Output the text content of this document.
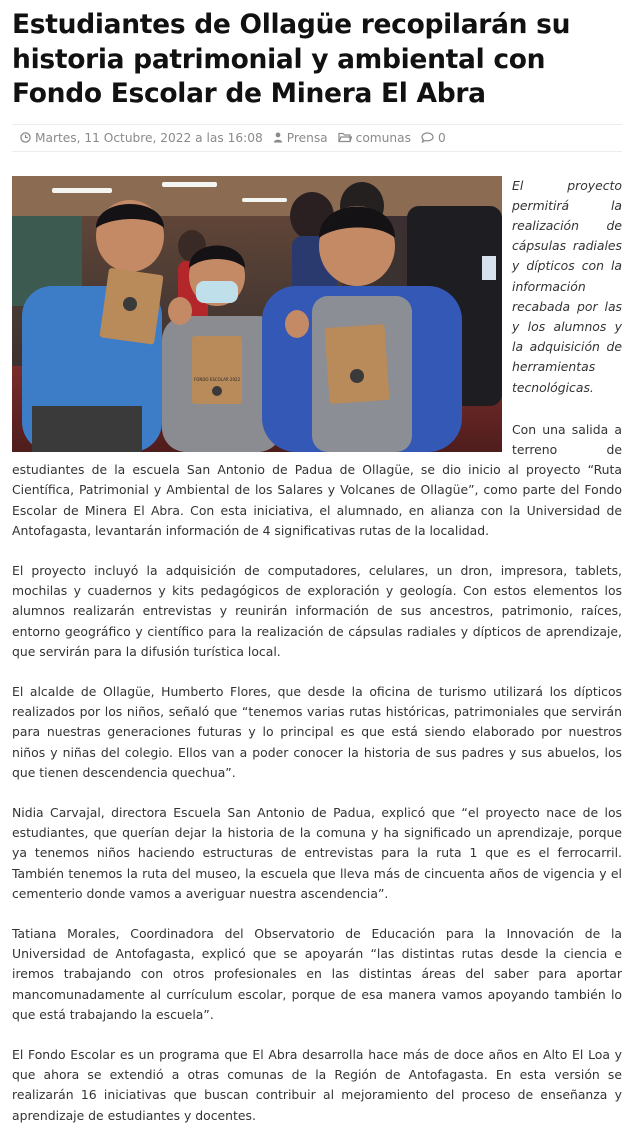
Estudiantes de Ollagüe recopilarán su historia patrimonial y ambiental con Fondo Escolar de Minera El Abra
Martes, 11 Octubre, 2022 a las 16:08 Prensa comunas 0
FONDO ESCOLAR 2022

El proyecto permitirá la realización de cápsulas radiales y dípticos con la información recabada por las y los alumnos y la adquisición de herramientas tecnológicas.

Con una salida a terreno de estudiantes de la escuela San Antonio de Padua de Ollagüe, se dio inicio al proyecto “Ruta Científica, Patrimonial y Ambiental de los Salares y Volcanes de Ollagüe”, como parte del Fondo Escolar de Minera El Abra. Con esta iniciativa, el alumnado, en alianza con la Universidad de Antofagasta, levantarán información de 4 significativas rutas de la localidad.

El proyecto incluyó la adquisición de computadores, celulares, un dron, impresora, tablets, mochilas y cuadernos y kits pedagógicos de exploración y geología. Con estos elementos los alumnos realizarán entrevistas y reunirán información de sus ancestros, patrimonio, raíces, entorno geográfico y científico para la realización de cápsulas radiales y dípticos de aprendizaje, que servirán para la difusión turística local.

El alcalde de Ollagüe, Humberto Flores, que desde la oficina de turismo utilizará los dípticos realizados por los niños, señaló que “tenemos varias rutas históricas, patrimoniales que servirán para nuestras generaciones futuras y lo principal es que está siendo elaborado por nuestros niños y niñas del colegio. Ellos van a poder conocer la historia de sus padres y sus abuelos, los que tienen descendencia quechua”.

Nidia Carvajal, directora Escuela San Antonio de Padua, explicó que “el proyecto nace de los estudiantes, que querían dejar la historia de la comuna y ha significado un aprendizaje, porque ya tenemos niños haciendo estructuras de entrevistas para la ruta 1 que es el ferrocarril. También tenemos la ruta del museo, la escuela que lleva más de cincuenta años de vigencia y el cementerio donde vamos a averiguar nuestra ascendencia”.

Tatiana Morales, Coordinadora del Observatorio de Educación para la Innovación de la Universidad de Antofagasta, explicó que se apoyarán “las distintas rutas desde la ciencia e iremos trabajando con otros profesionales en las distintas áreas del saber para aportar mancomunadamente al currículum escolar, porque de esa manera vamos apoyando también lo que está trabajando la escuela”.

El Fondo Escolar es un programa que El Abra desarrolla hace más de doce años en Alto El Loa y que ahora se extendió a otras comunas de la Región de Antofagasta. En esta versión se realizarán 16 iniciativas que buscan contribuir al mejoramiento del proceso de enseñanza y aprendizaje de estudiantes y docentes.
